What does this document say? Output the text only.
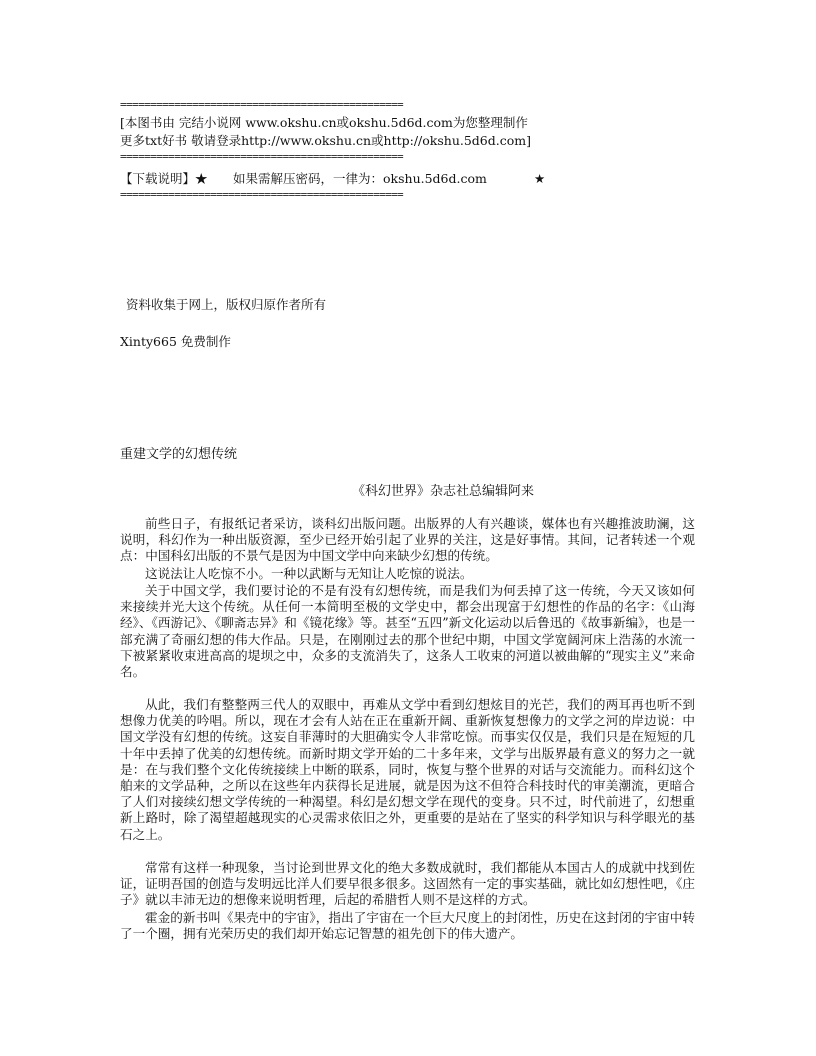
===============================================
[本图书由 完结小说网 www.okshu.cn或okshu.5d6d.com为您整理制作
更多txt好书 敬请登录http://www.okshu.cn或http://okshu.5d6d.com]
===============================================
【下载说明】★ 如果需解压密码，一律为：okshu.5d6d.com	★
===============================================
资料收集于网上，版权归原作者所有
Xinty665 免费制作
重建文学的幻想传统
《科幻世界》杂志社总编辑阿来

前些日子，有报纸记者采访，谈科幻出版问题。出版界的人有兴趣谈，媒体也有兴趣推波助澜，这说明，科幻作为一种出版资源，至少已经开始引起了业界的关注，这是好事情。其间，记者转述一个观点：中国科幻出版的不景气是因为中国文学中向来缺少幻想的传统。

这说法让人吃惊不小。一种以武断与无知让人吃惊的说法。

关于中国文学，我们要讨论的不是有没有幻想传统，而是我们为何丢掉了这一传统，今天又该如何来接续并光大这个传统。从任何一本简明至极的文学史中，都会出现富于幻想性的作品的名字：《山海经》、《西游记》、《聊斋志异》和《镜花缘》等。甚至“五四”新文化运动以后鲁迅的《故事新编》，也是一部充满了奇丽幻想的伟大作品。只是，在刚刚过去的那个世纪中期，中国文学宽阔河床上浩荡的水流一下被紧紧收束进高高的堤坝之中，众多的支流消失了，这条人工收束的河道以被曲解的“现实主义”来命名。

从此，我们有整整两三代人的双眼中，再难从文学中看到幻想炫目的光芒，我们的两耳再也听不到想像力优美的吟唱。所以，现在才会有人站在正在重新开阔、重新恢复想像力的文学之河的岸边说：中国文学没有幻想的传统。这妄自菲薄时的大胆确实令人非常吃惊。而事实仅仅是，我们只是在短短的几十年中丢掉了优美的幻想传统。而新时期文学开始的二十多年来，文学与出版界最有意义的努力之一就是：在与我们整个文化传统接续上中断的联系，同时，恢复与整个世界的对话与交流能力。而科幻这个舶来的文学品种，之所以在这些年内获得长足进展，就是因为这不但符合科技时代的审美潮流，更暗合了人们对接续幻想文学传统的一种渴望。科幻是幻想文学在现代的变身。只不过，时代前进了，幻想重新上路时，除了渴望超越现实的心灵需求依旧之外，更重要的是站在了坚实的科学知识与科学眼光的基石之上。

常常有这样一种现象，当讨论到世界文化的绝大多数成就时，我们都能从本国古人的成就中找到佐证，证明吾国的创造与发明远比洋人们要早很多很多。这固然有一定的事实基础，就比如幻想性吧，《庄子》就以丰沛无边的想像来说明哲理，后起的希腊哲人则不是这样的方式。

霍金的新书叫《果壳中的宇宙》，指出了宇宙在一个巨大尺度上的封闭性，历史在这封闭的宇宙中转了一个圈，拥有光荣历史的我们却开始忘记智慧的祖先创下的伟大遗产。
